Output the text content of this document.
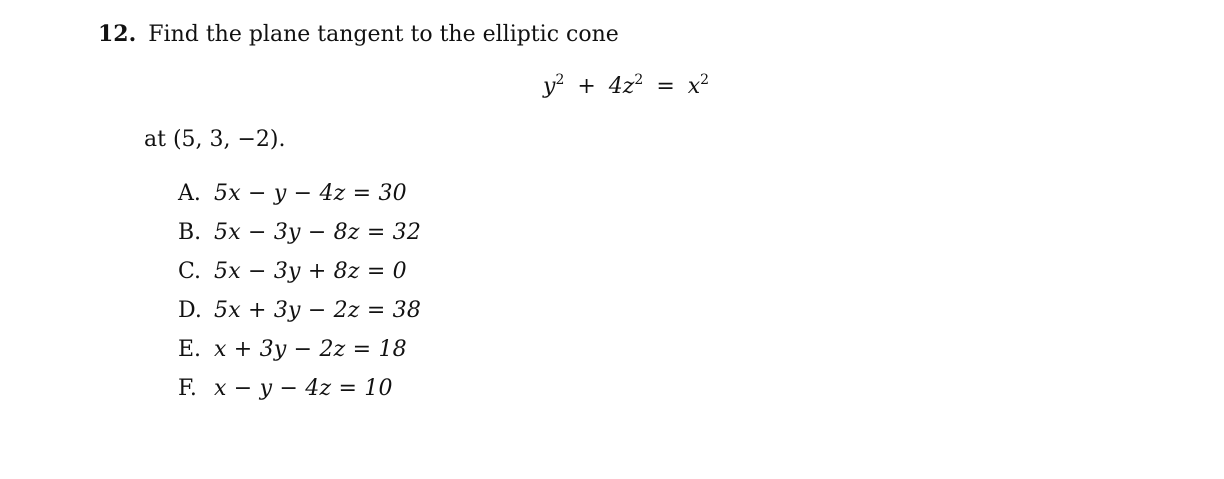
12. Find the plane tangent to the elliptic cone
$y^2 + 4z^2 = x^2$
at (5, 3, −2).
A. 5x − y − 4z = 30
B. 5x − 3y − 8z = 32
C. 5x − 3y + 8z = 0
D. 5x + 3y − 2z = 38
E. x + 3y − 2z = 18
F. x − y − 4z = 10
